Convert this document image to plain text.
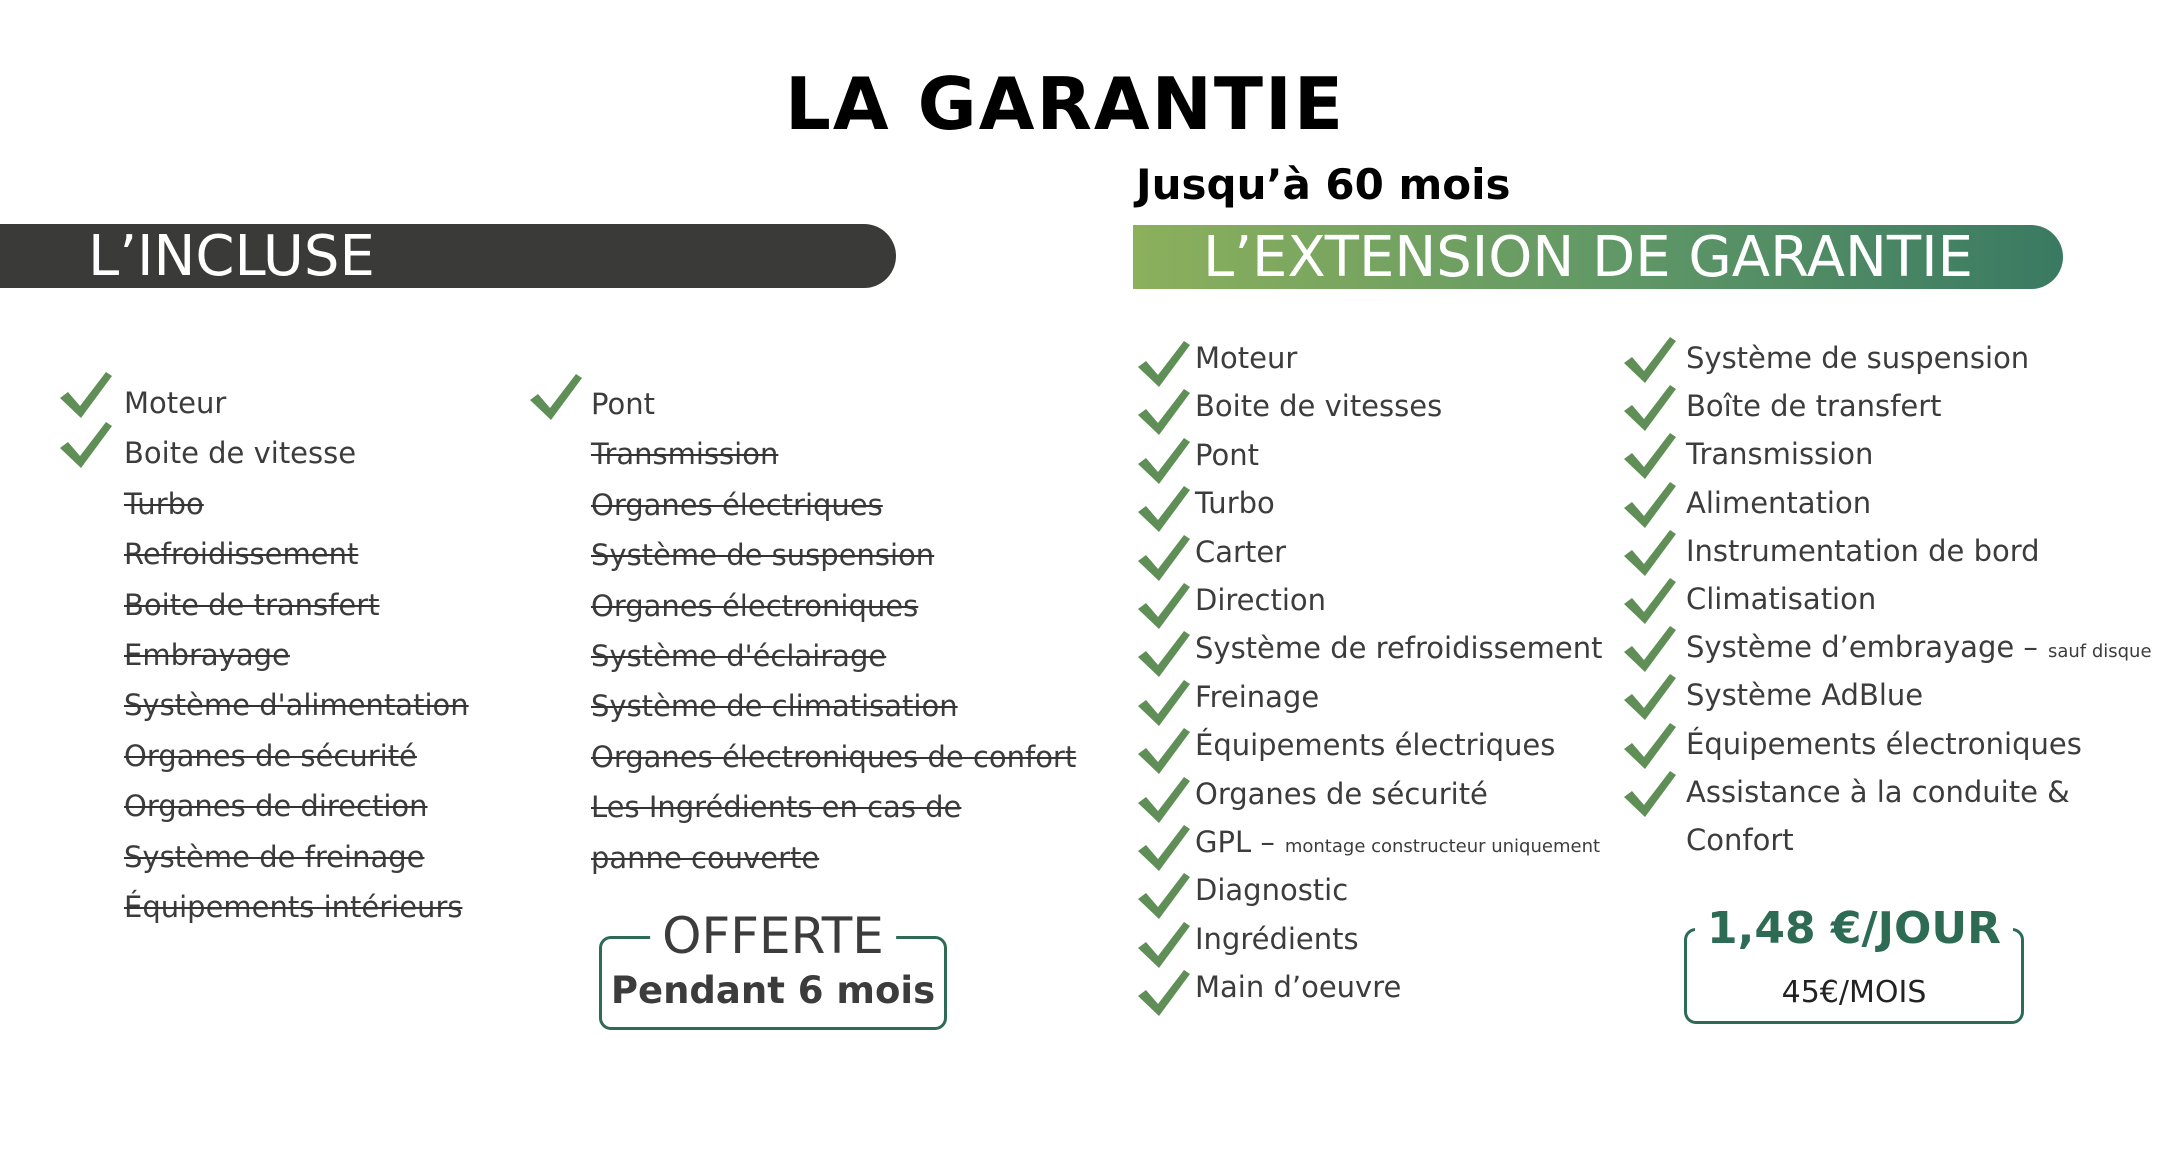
LA GARANTIE
Jusqu’à 60 mois
L’INCLUSE	L’EXTENSION DE GARANTIE
Moteur
Boite de vitesse
Turbo
Refroidissement
Boite de transfert
Embrayage
Système d'alimentation
Organes de sécurité
Organes de direction
Système de freinage
Équipements intérieurs
Pont
Transmission
Organes électriques
Système de suspension
Organes électroniques
Système d'éclairage
Système de climatisation
Organes électroniques de confort
Les Ingrédients en cas de
panne couverte
Moteur
Boite de vitesses
Pont
Turbo
Carter
Direction
Système de refroidissement
Freinage
Équipements électriques
Organes de sécurité
GPL – montage constructeur uniquement
Diagnostic
Ingrédients
Main d’oeuvre
Système de suspension
Boîte de transfert
Transmission
Alimentation
Instrumentation de bord
Climatisation
Système d’embrayage – sauf disque
Système AdBlue
Équipements électroniques
Assistance à la conduite &
Confort
OFFERTE
Pendant 6 mois
1,48 €/JOUR
45€/MOIS
